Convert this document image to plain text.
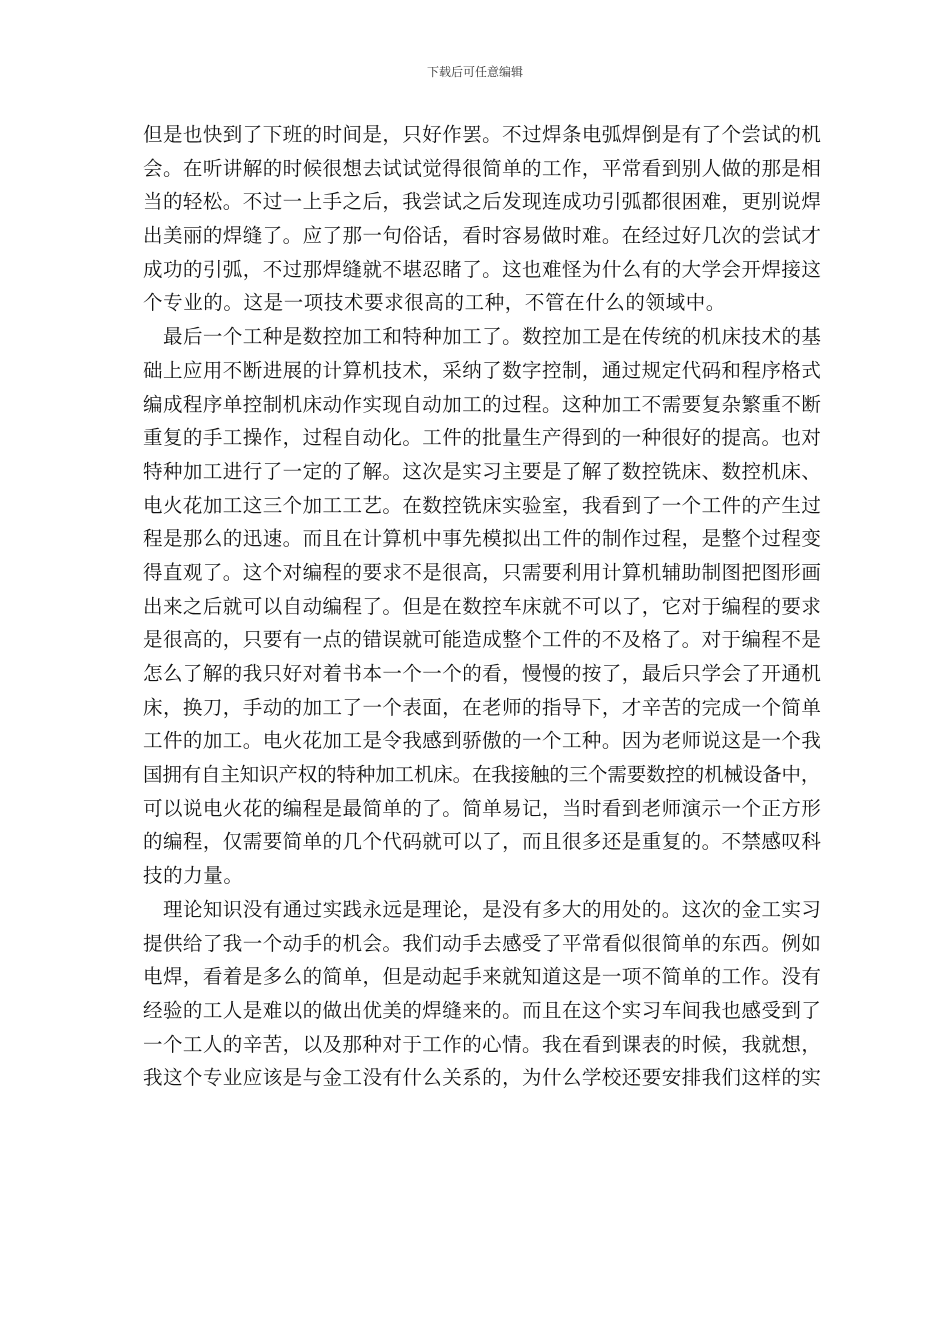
下载后可任意编辑
但是也快到了下班的时间是，只好作罢。不过焊条电弧焊倒是有了个尝试的机
会。在听讲解的时候很想去试试觉得很简单的工作，平常看到别人做的那是相
当的轻松。不过一上手之后，我尝试之后发现连成功引弧都很困难，更别说焊
出美丽的焊缝了。应了那一句俗话，看时容易做时难。在经过好几次的尝试才
成功的引弧，不过那焊缝就不堪忍睹了。这也难怪为什么有的大学会开焊接这
个专业的。这是一项技术要求很高的工种，不管在什么的领域中。
最后一个工种是数控加工和特种加工了。数控加工是在传统的机床技术的基
础上应用不断进展的计算机技术，采纳了数字控制，通过规定代码和程序格式
编成程序单控制机床动作实现自动加工的过程。这种加工不需要复杂繁重不断
重复的手工操作，过程自动化。工件的批量生产得到的一种很好的提高。也对
特种加工进行了一定的了解。这次是实习主要是了解了数控铣床、数控机床、
电火花加工这三个加工工艺。在数控铣床实验室，我看到了一个工件的产生过
程是那么的迅速。而且在计算机中事先模拟出工件的制作过程，是整个过程变
得直观了。这个对编程的要求不是很高，只需要利用计算机辅助制图把图形画
出来之后就可以自动编程了。但是在数控车床就不可以了，它对于编程的要求
是很高的，只要有一点的错误就可能造成整个工件的不及格了。对于编程不是
怎么了解的我只好对着书本一个一个的看，慢慢的按了，最后只学会了开通机
床，换刀，手动的加工了一个表面，在老师的指导下，才辛苦的完成一个简单
工件的加工。电火花加工是令我感到骄傲的一个工种。因为老师说这是一个我
国拥有自主知识产权的特种加工机床。在我接触的三个需要数控的机械设备中，
可以说电火花的编程是最简单的了。简单易记，当时看到老师演示一个正方形
的编程，仅需要简单的几个代码就可以了，而且很多还是重复的。不禁感叹科
技的力量。
理论知识没有通过实践永远是理论，是没有多大的用处的。这次的金工实习
提供给了我一个动手的机会。我们动手去感受了平常看似很简单的东西。例如
电焊，看着是多么的简单，但是动起手来就知道这是一项不简单的工作。没有
经验的工人是难以的做出优美的焊缝来的。而且在这个实习车间我也感受到了
一个工人的辛苦，以及那种对于工作的心情。我在看到课表的时候，我就想，
我这个专业应该是与金工没有什么关系的，为什么学校还要安排我们这样的实
